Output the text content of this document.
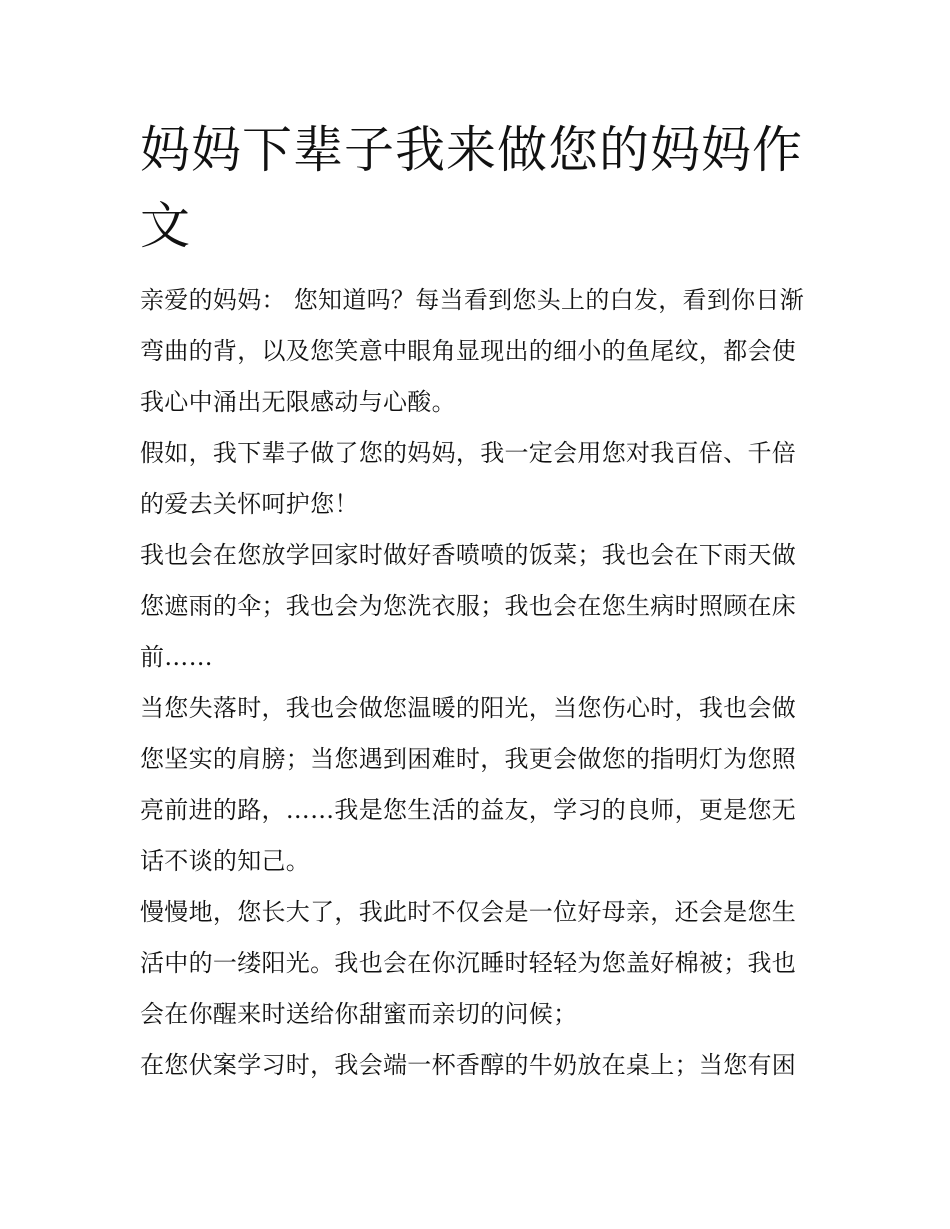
妈妈下辈子我来做您的妈妈作文

亲爱的妈妈： 您知道吗？每当看到您头上的白发，看到你日渐弯曲的背，以及您笑意中眼角显现出的细小的鱼尾纹，都会使我心中涌出无限感动与心酸。

假如，我下辈子做了您的妈妈，我一定会用您对我百倍、千倍的爱去关怀呵护您！

我也会在您放学回家时做好香喷喷的饭菜；我也会在下雨天做您遮雨的伞；我也会为您洗衣服；我也会在您生病时照顾在床前……

当您失落时，我也会做您温暖的阳光，当您伤心时，我也会做您坚实的肩膀；当您遇到困难时，我更会做您的指明灯为您照亮前进的路，……我是您生活的益友，学习的良师，更是您无话不谈的知己。

慢慢地，您长大了，我此时不仅会是一位好母亲，还会是您生活中的一缕阳光。我也会在你沉睡时轻轻为您盖好棉被；我也会在你醒来时送给你甜蜜而亲切的问候；

在您伏案学习时，我会端一杯香醇的牛奶放在桌上；当您有困
